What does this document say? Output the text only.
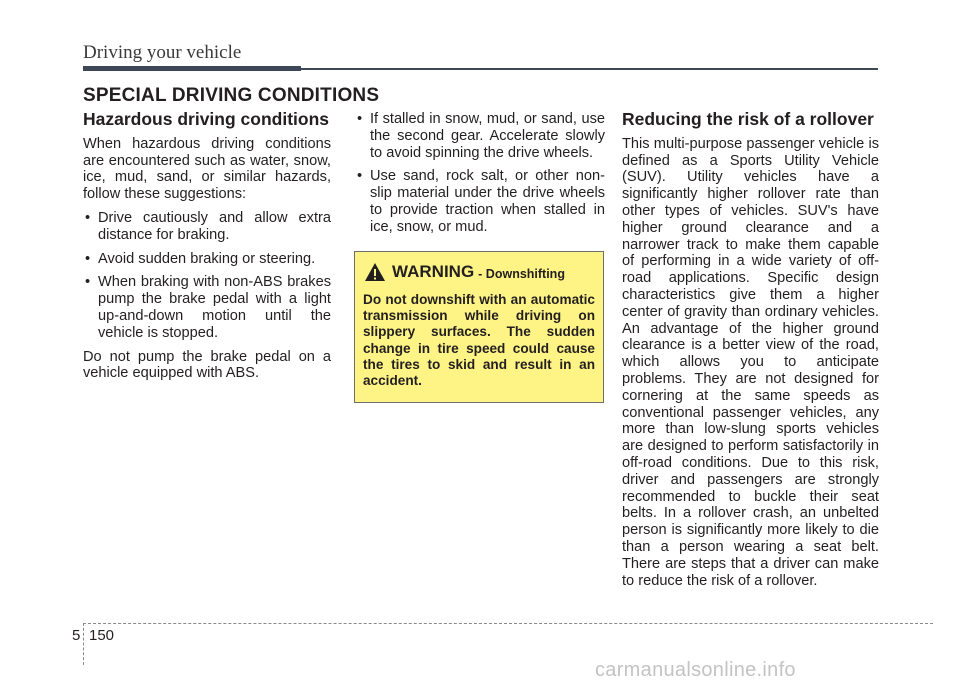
Driving your vehicle
SPECIAL DRIVING CONDITIONS
Hazardous driving conditions

When hazardous driving conditions are encountered such as water, snow, ice, mud, sand, or similar hazards, follow these suggestions:

• Drive cautiously and allow extra distance for braking.
• Avoid sudden braking or steering.
• When braking with non-ABS brakes pump the brake pedal with a light up-and-down motion until the vehicle is stopped.

Do not pump the brake pedal on a vehicle equipped with ABS.

• If stalled in snow, mud, or sand, use the second gear. Accelerate slowly to avoid spinning the drive wheels.
• Use sand, rock salt, or other non-slip material under the drive wheels to provide traction when stalled in ice, snow, or mud.
WARNING - Downshifting
Do not downshift with an automatic transmission while driving on slippery surfaces. The sudden change in tire speed could cause the tires to skid and result in an accident.
Reducing the risk of a rollover

This multi-purpose passenger vehicle is defined as a Sports Utility Vehicle (SUV). Utility vehicles have a significantly higher rollover rate than other types of vehicles. SUV's have higher ground clearance and a narrower track to make them capable of performing in a wide variety of off-road applications. Specific design characteristics give them a higher center of gravity than ordinary vehicles. An advantage of the higher ground clearance is a better view of the road, which allows you to anticipate problems. They are not designed for cornering at the same speeds as conventional passenger vehicles, any more than low-slung sports vehicles are designed to perform satisfactorily in off-road conditions. Due to this risk, driver and passengers are strongly recommended to buckle their seat belts. In a rollover crash, an unbelted person is significantly more likely to die than a person wearing a seat belt. There are steps that a driver can make to reduce the risk of a rollover.

5 150
carmanualsonline.info
